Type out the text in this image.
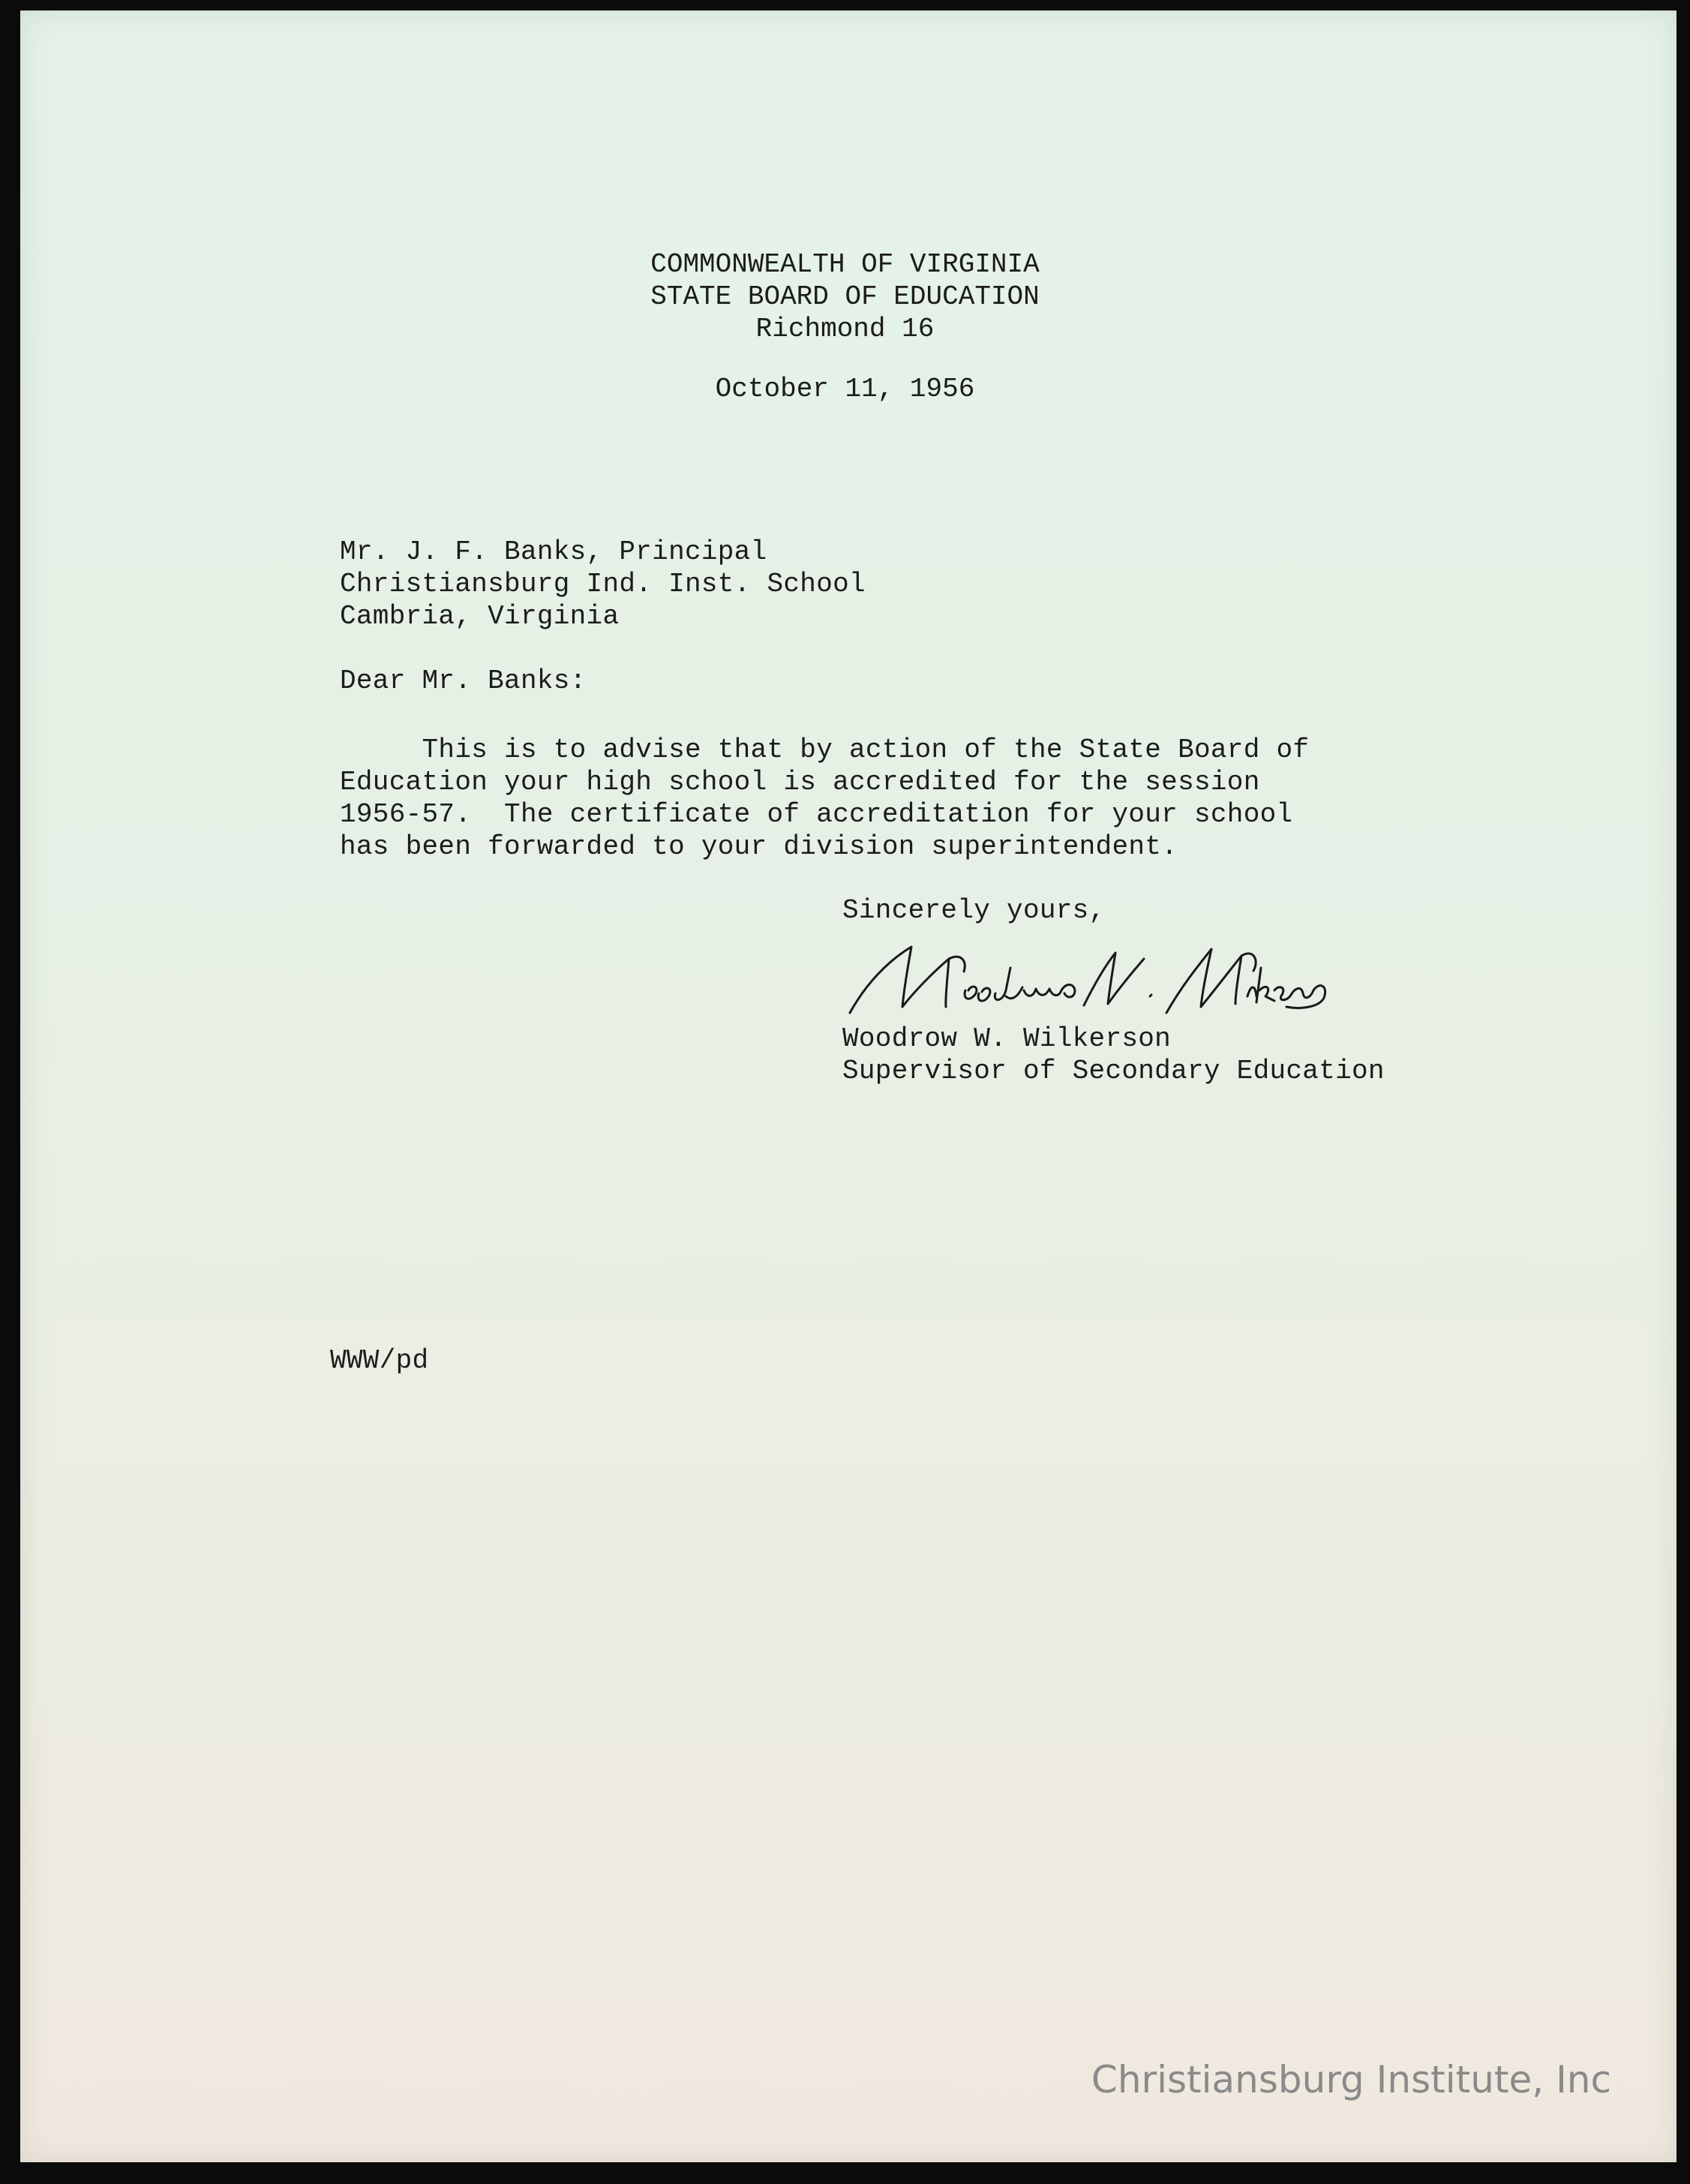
COMMONWEALTH OF VIRGINIA
STATE BOARD OF EDUCATION
Richmond 16
October 11, 1956
Mr. J. F. Banks, Principal
Christiansburg Ind. Inst. School
Cambria, Virginia
Dear Mr. Banks:
This is to advise that by action of the State Board of
Education your high school is accredited for the session
1956-57.  The certificate of accreditation for your school
has been forwarded to your division superintendent.
Sincerely yours,
Woodrow W. Wilkerson
Woodrow W. Wilkerson
Supervisor of Secondary Education
WWW/pd
Christiansburg Institute, Inc
